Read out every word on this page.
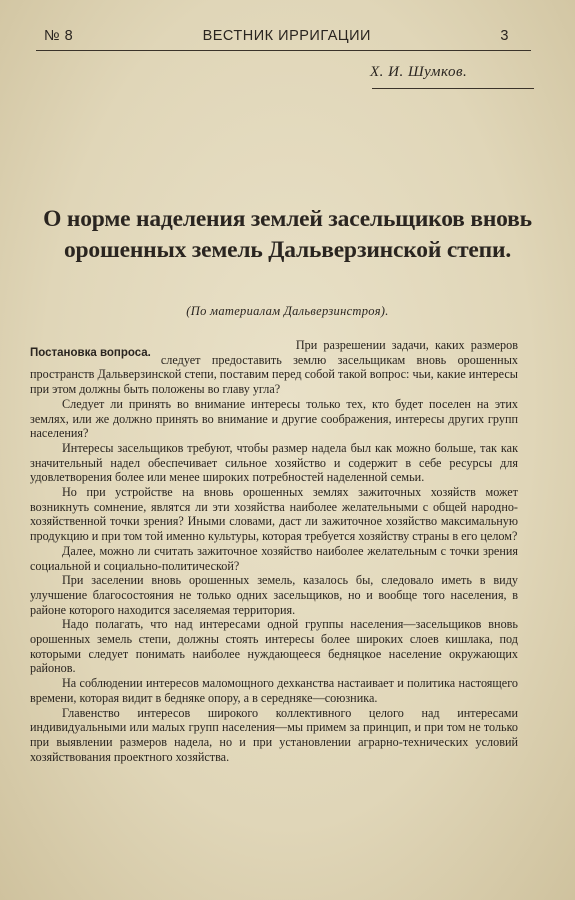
№ 8	ВЕСТНИК ИРРИГАЦИИ	3
Х. И. Шумков.
О норме наделения землей засельщиков вновь орошенных земель Дальверзинской степи.
(По материалам Дальверзинстроя).

Постановка вопроса.
При разрешении задачи, каких размеров следует предоставить землю засельщикам вновь орошенных пространств Дальверзинской степи, поставим перед собой такой вопрос: чьи, какие интересы при этом должны быть положены во главу угла?

Следует ли принять во внимание интересы только тех, кто будет поселен на этих землях, или же должно принять во внимание и другие соображения, интересы других групп населения?

Интересы засельщиков требуют, чтобы размер надела был как можно больше, так как значительный надел обеспечивает сильное хозяйство и содержит в себе ресурсы для удовлетворения более или менее широких потребностей наделенной семьи.

Но при устройстве на вновь орошенных землях зажиточных хозяйств может возникнуть сомнение, являтся ли эти хозяйства наиболее желательными с общей народно-хозяйственной точки зрения? Иными словами, даст ли зажиточное хозяйство максимальную продукцию и при том той именно культуры, которая требуется хозяйству страны в его целом?

Далее, можно ли считать зажиточное хозяйство наиболее желательным с точки зрения социальной и социально-политической?

При заселении вновь орошенных земель, казалось бы, следовало иметь в виду улучшение благосостояния не только одних засельщиков, но и вообще того населения, в районе которого находится заселяемая территория.

Надо полагать, что над интересами одной группы населения—засельщиков вновь орошенных земель степи, должны стоять интересы более широких слоев кишлака, под которыми следует понимать наиболее нуждающееся бедняцкое население окружающих районов.

На соблюдении интересов маломощного дехканства настаивает и политика настоящего времени, которая видит в бедняке опору, а в середняке—союзника.

Главенство интересов широкого коллективного целого над интересами индивидуальными или малых групп населения—мы примем за принцип, и при том не только при выявлении размеров надела, но и при установлении аграрно-технических условий хозяйствования проектного хозяйства.
